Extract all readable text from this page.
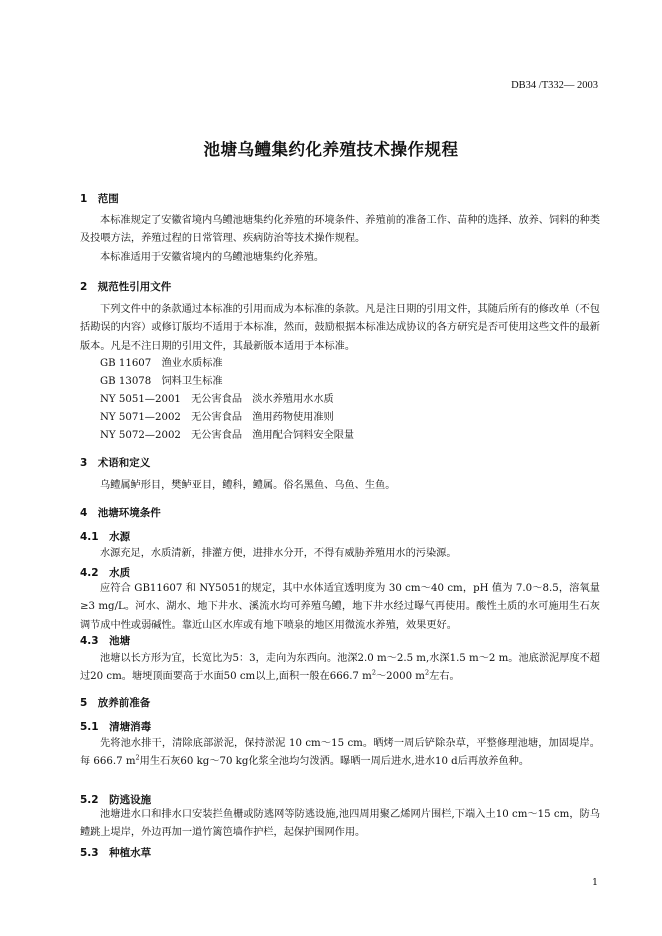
DB34 /T332— 2003
池塘乌鳢集约化养殖技术操作规程
1　范围
本标准规定了安徽省境内乌鳢池塘集约化养殖的环境条件、养殖前的准备工作、苗种的选择、放养、饲料的种类及投喂方法，养殖过程的日常管理、疾病防治等技术操作规程。
本标准适用于安徽省境内的乌鳢池塘集约化养殖。
2　规范性引用文件
下列文件中的条款通过本标准的引用而成为本标准的条款。凡是注日期的引用文件，其随后所有的修改单（不包括勘误的内容）或修订版均不适用于本标准，然而，鼓励根据本标准达成协议的各方研究是否可使用这些文件的最新版本。凡是不注日期的引用文件，其最新版本适用于本标准。
GB 11607　渔业水质标准
GB 13078　饲料卫生标准
NY 5051—2001　无公害食品　淡水养殖用水水质
NY 5071—2002　无公害食品　渔用药物使用准则
NY 5072—2002　无公害食品　渔用配合饲料安全限量
3　术语和定义
乌鳢属鲈形目，樊鲈亚目，鳢科，鳢属。俗名黑鱼、乌鱼、生鱼。
4　池塘环境条件
4.1　水源
水源充足，水质清新，排灌方便，进排水分开，不得有威胁养殖用水的污染源。
4.2　水质
应符合 GB11607 和 NY5051的规定，其中水体适宜透明度为 30 cm～40 cm，pH 值为 7.0～8.5，溶氧量≥3 mg/L。河水、湖水、地下井水、溪流水均可养殖乌鳢，地下井水经过曝气再使用。酸性土质的水可施用生石灰调节成中性或弱碱性。靠近山区水库或有地下喷泉的地区用微流水养殖，效果更好。
4.3　池塘
池塘以长方形为宜，长宽比为5：3，走向为东西向。池深2.0 m～2.5 m,水深1.5 m～2 m。池底淤泥厚度不超过20 cm。塘埂顶面要高于水面50 cm以上,面积一般在666.7 $m^2\sim 2000$ $m^2$左右。
5　放养前准备
5.1　清塘消毒
先将池水排干，清除底部淤泥，保持淤泥 10 cm～15 cm。晒烤一周后铲除杂草，平整修理池塘，加固堤岸。每 666.7 $m^2$用生石灰60 kg～70 kg化浆全池均匀泼洒。曝晒一周后进水,进水10 d后再放养鱼种。
5.2　防逃设施
池塘进水口和排水口安装拦鱼栅或防逃网等防逃设施,池四周用聚乙烯网片围栏,下端入土10 cm～15 cm，防乌鳢跳上堤岸，外边再加一道竹篱笆墙作护栏，起保护围网作用。
5.3　种植水草
1
